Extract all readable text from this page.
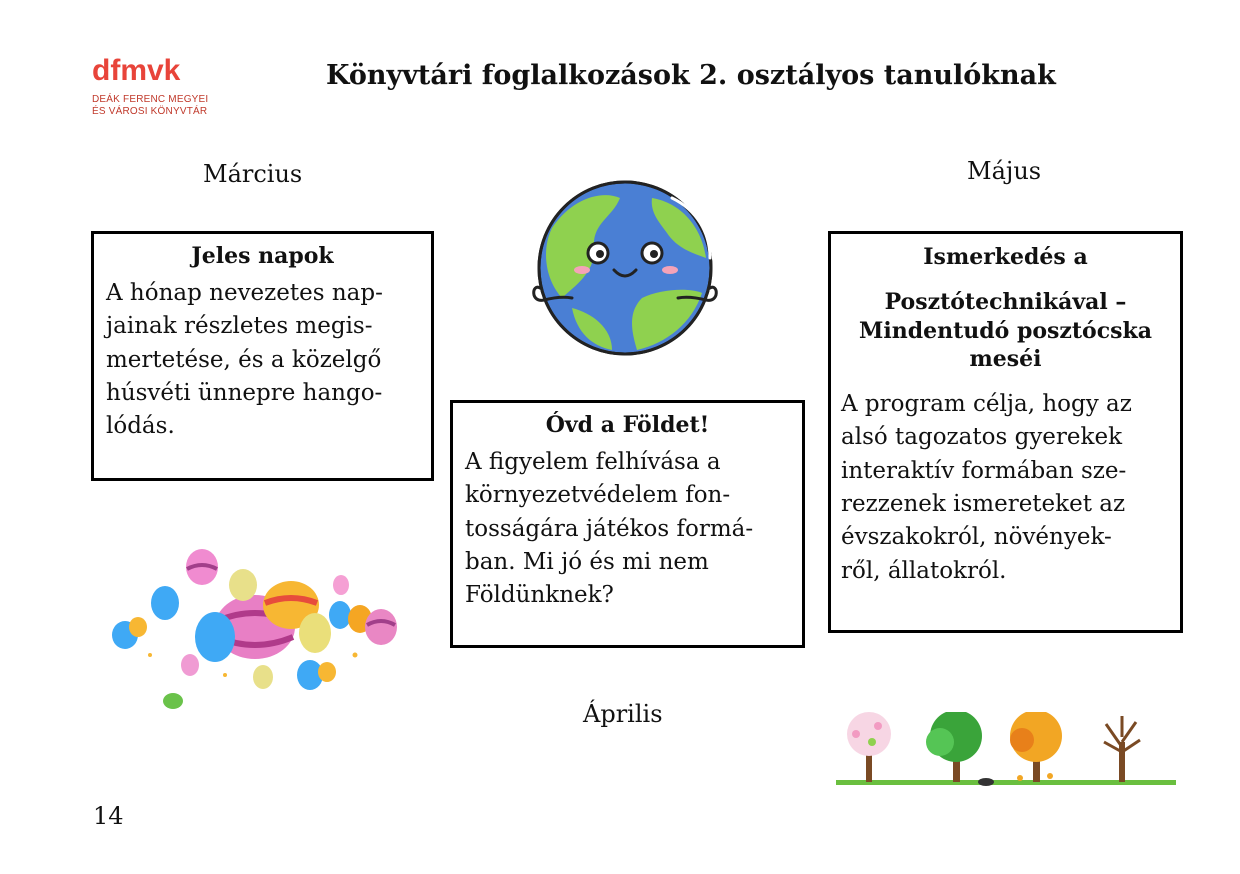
dfmvk
DEÁK FERENC MEGYEI
ÉS VÁROSI KÖNYVTÁR
Könyvtári foglalkozások 2. osztályos tanulóknak
Március	Május
Április
Jeles napok

A hónap nevezetes nap-
jainak részletes megis-
mertetése, és a közelgő
húsvéti ünnepre hango-
lódás.	Óvd a Földet!

A figyelem felhívása a
környezetvédelem fon-
tosságára játékos formá-
ban. Mi jó és mi nem
Földünknek?

Ismerkedés a
Posztótechnikával –
Mindentudó posztócska
meséi

A program célja, hogy az
alsó tagozatos gyerekek
interaktív formában sze-
rezzenek ismereteket az
évszakokról, növények-
ről, állatokról.

14
